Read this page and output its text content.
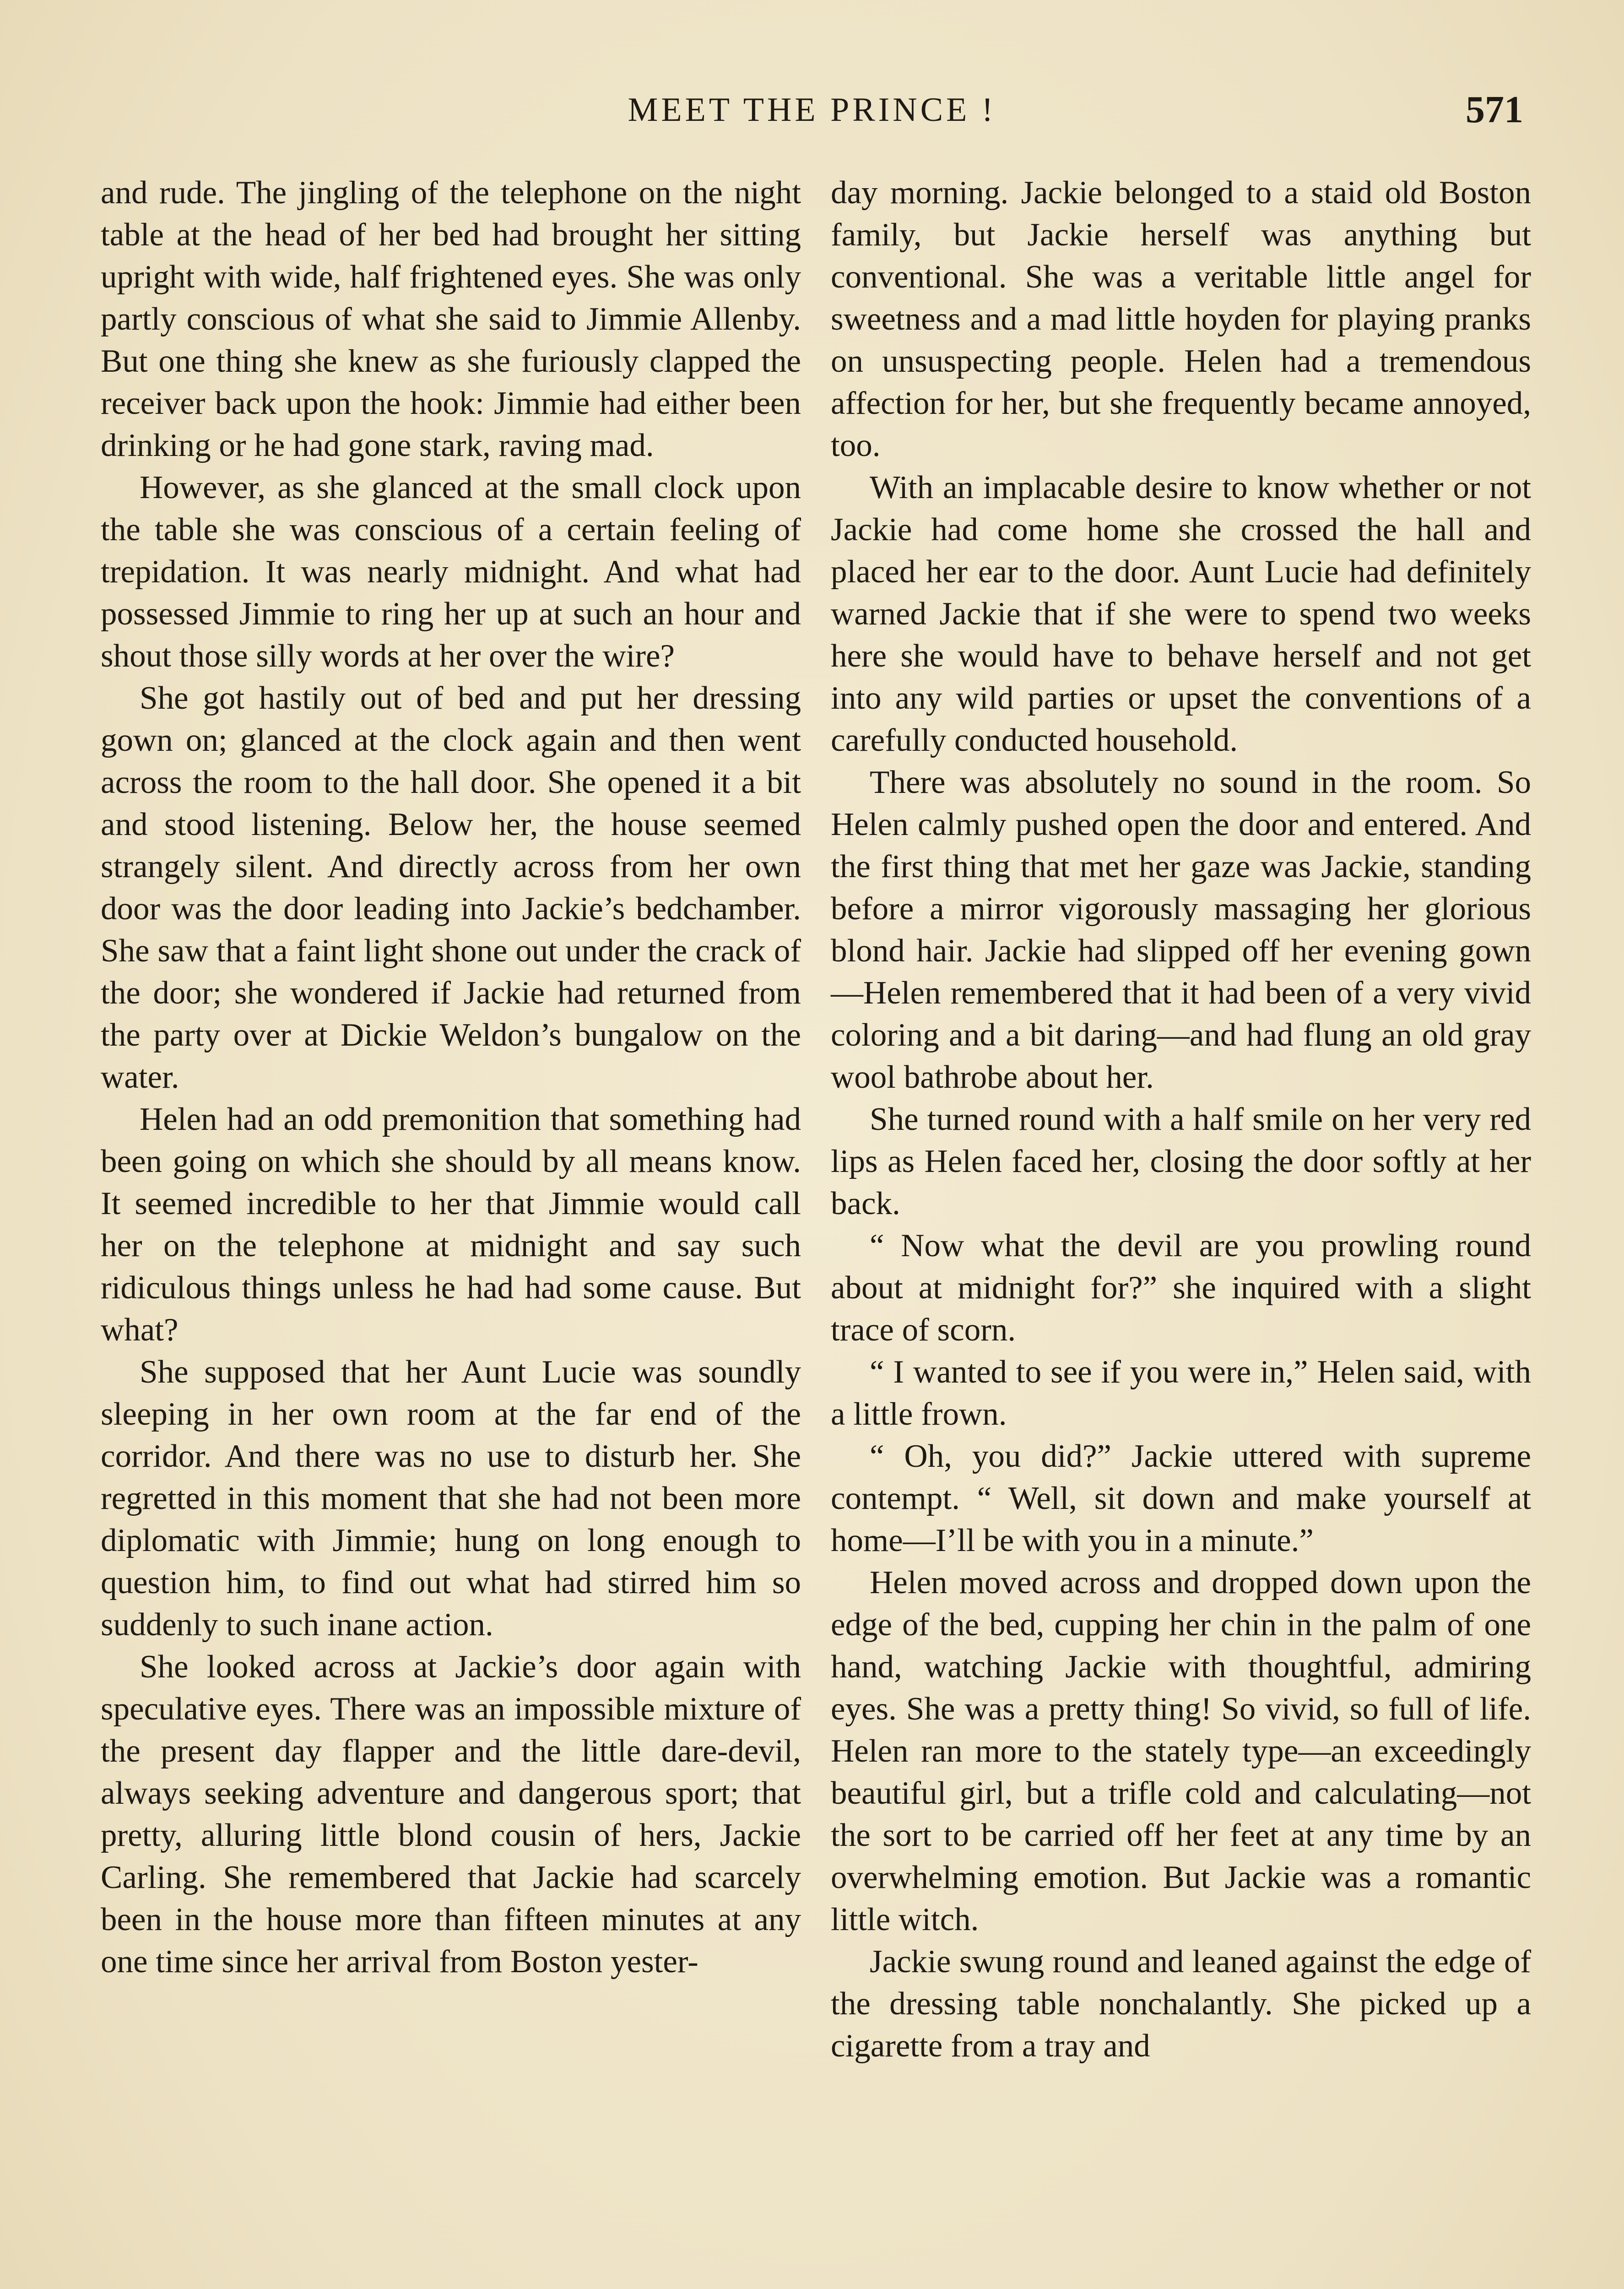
MEET THE PRINCE !	571

and rude. The jingling of the telephone on the night table at the head of her bed had brought her sitting upright with wide, half frightened eyes. She was only partly conscious of what she said to Jimmie Allenby. But one thing she knew as she furiously clapped the receiver back upon the hook: Jimmie had either been drinking or he had gone stark, raving mad.

However, as she glanced at the small clock upon the table she was conscious of a certain feeling of trepidation. It was nearly midnight. And what had possessed Jimmie to ring her up at such an hour and shout those silly words at her over the wire?

She got hastily out of bed and put her dressing gown on; glanced at the clock again and then went across the room to the hall door. She opened it a bit and stood listening. Below her, the house seemed strangely silent. And directly across from her own door was the door leading into Jackie’s bedchamber. She saw that a faint light shone out under the crack of the door; she wondered if Jackie had returned from the party over at Dickie Weldon’s bungalow on the water.

Helen had an odd premonition that something had been going on which she should by all means know. It seemed incredible to her that Jimmie would call her on the telephone at midnight and say such ridiculous things unless he had had some cause. But what?

She supposed that her Aunt Lucie was soundly sleeping in her own room at the far end of the corridor. And there was no use to disturb her. She regretted in this moment that she had not been more diplomatic with Jimmie; hung on long enough to question him, to find out what had stirred him so suddenly to such inane action.

She looked across at Jackie’s door again with speculative eyes. There was an impossible mixture of the present day flapper and the little dare-devil, always seeking adventure and dangerous sport; that pretty, alluring little blond cousin of hers, Jackie Carling. She remembered that Jackie had scarcely been in the house more than fifteen minutes at any one time since her arrival from Boston yester-

day morning. Jackie belonged to a staid old Boston family, but Jackie herself was anything but conventional. She was a veritable little angel for sweetness and a mad little hoyden for playing pranks on unsuspecting people. Helen had a tremendous affection for her, but she frequently became annoyed, too.

With an implacable desire to know whether or not Jackie had come home she crossed the hall and placed her ear to the door. Aunt Lucie had definitely warned Jackie that if she were to spend two weeks here she would have to behave herself and not get into any wild parties or upset the conventions of a carefully conducted household.

There was absolutely no sound in the room. So Helen calmly pushed open the door and entered. And the first thing that met her gaze was Jackie, standing before a mirror vigorously massaging her glorious blond hair. Jackie had slipped off her evening gown—Helen remembered that it had been of a very vivid coloring and a bit daring—and had flung an old gray wool bathrobe about her.

She turned round with a half smile on her very red lips as Helen faced her, closing the door softly at her back.

“ Now what the devil are you prowling round about at midnight for?” she inquired with a slight trace of scorn.

“ I wanted to see if you were in,” Helen said, with a little frown.

“ Oh, you did?” Jackie uttered with supreme contempt. “ Well, sit down and make yourself at home—I’ll be with you in a minute.”

Helen moved across and dropped down upon the edge of the bed, cupping her chin in the palm of one hand, watching Jackie with thoughtful, admiring eyes. She was a pretty thing! So vivid, so full of life. Helen ran more to the stately type—an exceedingly beautiful girl, but a trifle cold and calculating—not the sort to be carried off her feet at any time by an overwhelming emotion. But Jackie was a romantic little witch.

Jackie swung round and leaned against the edge of the dressing table nonchalantly. She picked up a cigarette from a tray and
